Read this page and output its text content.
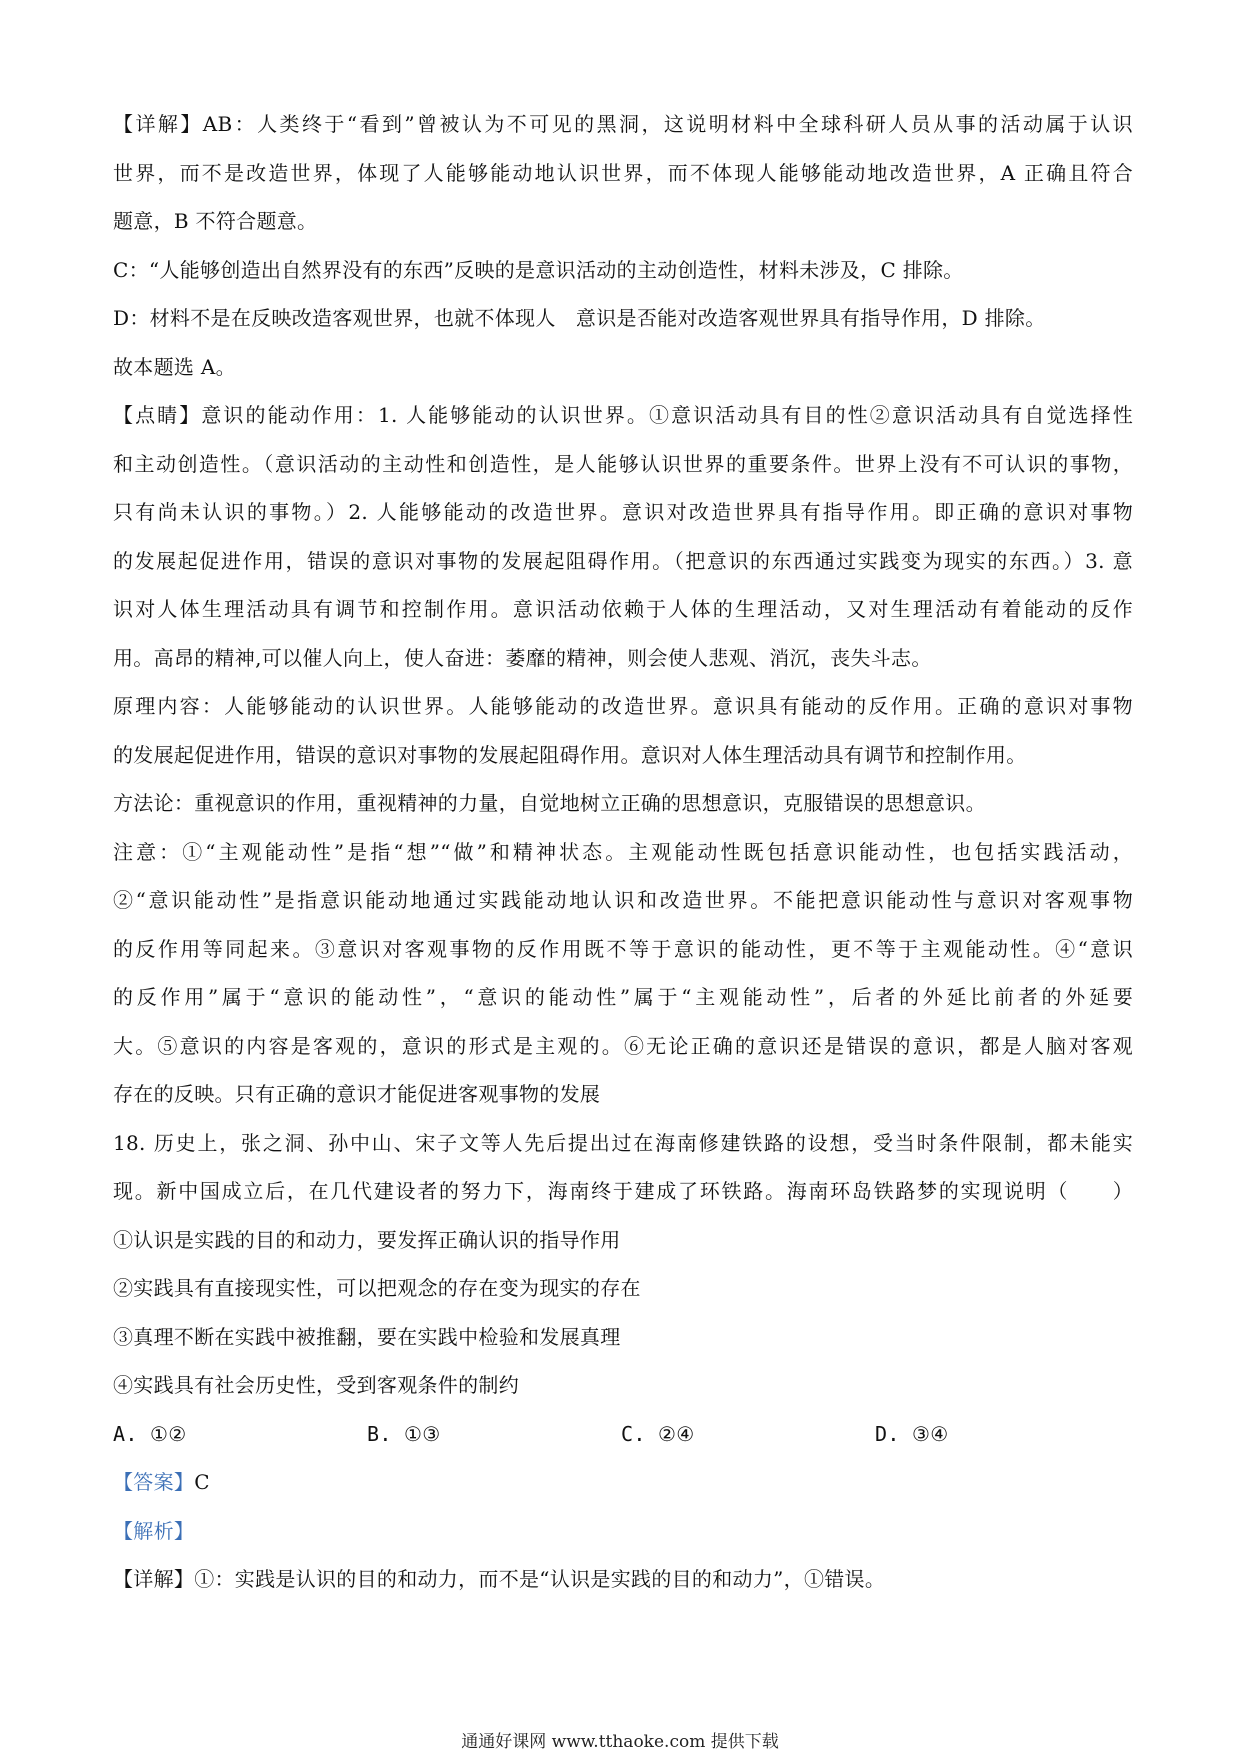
【详解】AB：人类终于“看到”曾被认为不可见的黑洞，这说明材料中全球科研人员从事的活动属于认识
世界，而不是改造世界，体现了人能够能动地认识世界，而不体现人能够能动地改造世界，A 正确且符合
题意，B 不符合题意。
C：“人能够创造出自然界没有的东西”反映的是意识活动的主动创造性，材料未涉及，C 排除。
D：材料不是在反映改造客观世界，也就不体现人　意识是否能对改造客观世界具有指导作用，D 排除。
故本题选 A。
【点睛】意识的能动作用：1. 人能够能动的认识世界。①意识活动具有目的性②意识活动具有自觉选择性
和主动创造性。（意识活动的主动性和创造性，是人能够认识世界的重要条件。世界上没有不可认识的事物，
只有尚未认识的事物。）2. 人能够能动的改造世界。意识对改造世界具有指导作用。即正确的意识对事物
的发展起促进作用，错误的意识对事物的发展起阻碍作用。（把意识的东西通过实践变为现实的东西。）3. 意
识对人体生理活动具有调节和控制作用。意识活动依赖于人体的生理活动，又对生理活动有着能动的反作
用。高昂的精神,可以催人向上，使人奋进：萎靡的精神，则会使人悲观、消沉，丧失斗志。
原理内容：人能够能动的认识世界。人能够能动的改造世界。意识具有能动的反作用。正确的意识对事物
的发展起促进作用，错误的意识对事物的发展起阻碍作用。意识对人体生理活动具有调节和控制作用。
方法论：重视意识的作用，重视精神的力量，自觉地树立正确的思想意识，克服错误的思想意识。
注意：①“主观能动性”是指“想”“做”和精神状态。主观能动性既包括意识能动性，也包括实践活动，
②“意识能动性”是指意识能动地通过实践能动地认识和改造世界。不能把意识能动性与意识对客观事物
的反作用等同起来。③意识对客观事物的反作用既不等于意识的能动性，更不等于主观能动性。④“意识
的反作用”属于“意识的能动性”，“意识的能动性”属于“主观能动性”，后者的外延比前者的外延要
大。⑤意识的内容是客观的，意识的形式是主观的。⑥无论正确的意识还是错误的意识，都是人脑对客观
存在的反映。只有正确的意识才能促进客观事物的发展
18. 历史上，张之洞、孙中山、宋子文等人先后提出过在海南修建铁路的设想，受当时条件限制，都未能实
现。新中国成立后，在几代建设者的努力下，海南终于建成了环铁路。海南环岛铁路梦的实现说明（　　）
①认识是实践的目的和动力，要发挥正确认识的指导作用
②实践具有直接现实性，可以把观念的存在变为现实的存在
③真理不断在实践中被推翻，要在实践中检验和发展真理
④实践具有社会历史性，受到客观条件的制约
A. ①②	B. ①③	C. ②④	D. ③④
【答案】C
【解析】
【详解】①：实践是认识的目的和动力，而不是“认识是实践的目的和动力”，①错误。
通通好课网 www.tthaoke.com 提供下载
